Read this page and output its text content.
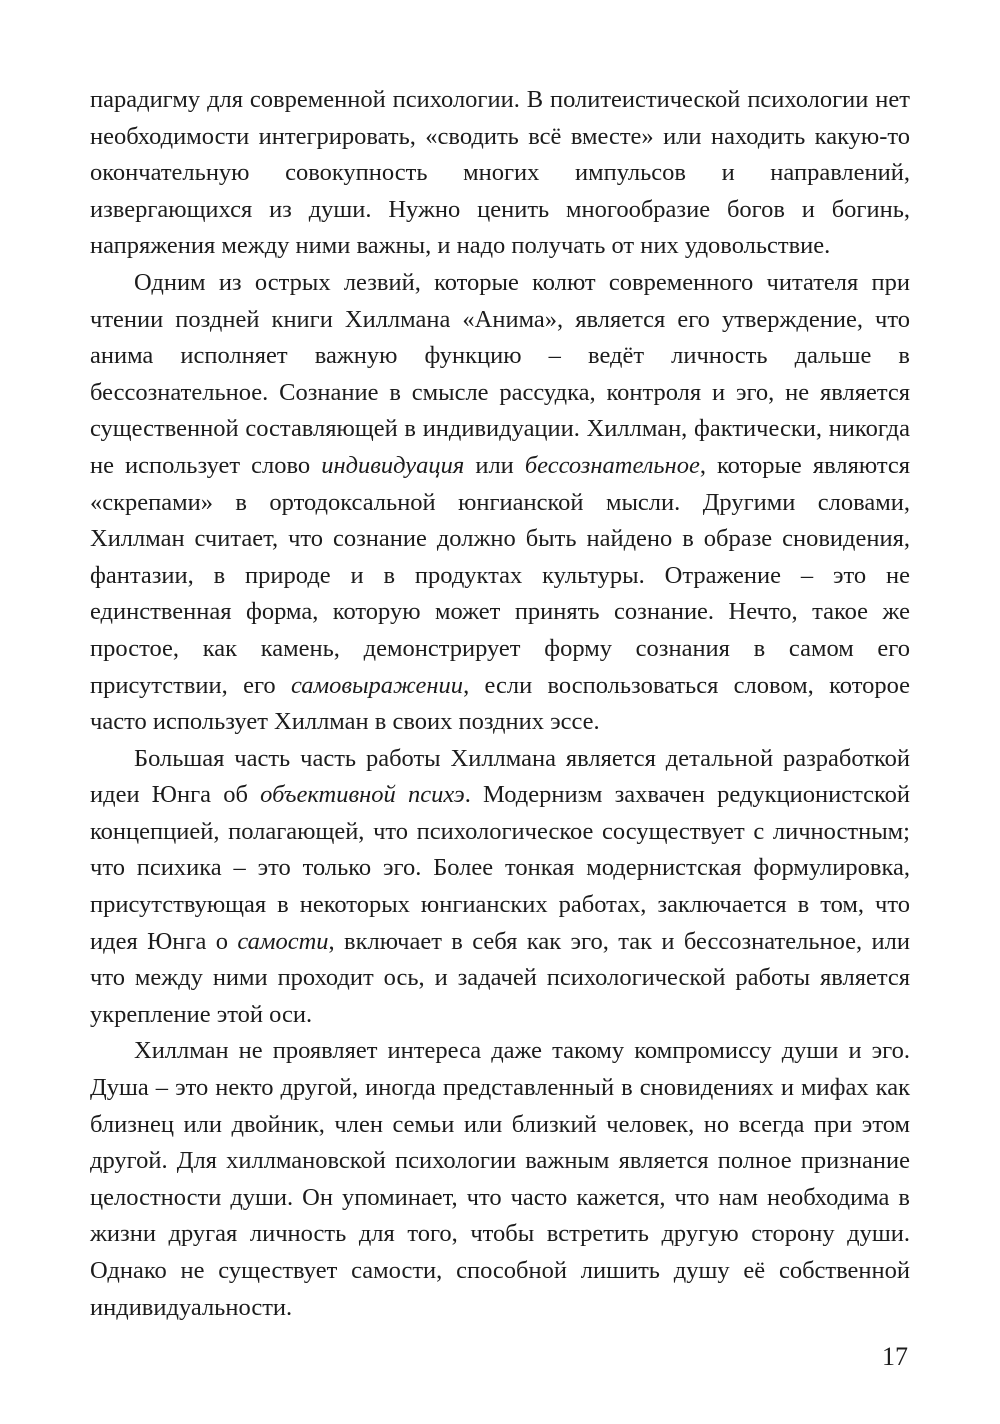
парадигму для современной психологии. В политеистической психологии нет необходимости интегрировать, «сводить всё вместе» или находить какую-то окончательную совокупность многих импульсов и направлений, извергающихся из души. Нужно ценить многообразие богов и богинь, напряжения между ними важны, и надо получать от них удовольствие.

Одним из острых лезвий, которые колют современного читателя при чтении поздней книги Хиллмана «Анима», является его утверждение, что анима исполняет важную функцию – ведёт личность дальше в бессознательное. Сознание в смысле рассудка, контроля и эго, не является существенной составляющей в индивидуации. Хиллман, фактически, никогда не использует слово индивидуация или бессознательное, которые являются «скрепами» в ортодоксальной юнгианской мысли. Другими словами, Хиллман считает, что сознание должно быть найдено в образе сновидения, фантазии, в природе и в продуктах культуры. Отражение – это не единственная форма, которую может принять сознание. Нечто, такое же простое, как камень, демонстрирует форму сознания в самом его присутствии, его самовыражении, если воспользоваться словом, которое часто использует Хиллман в своих поздних эссе.

Большая часть часть работы Хиллмана является детальной разработкой идеи Юнга об объективной психэ. Модернизм захвачен редукционистской концепцией, полагающей, что психологическое сосуществует с личностным; что психика – это только эго. Более тонкая модернистская формулировка, присутствующая в некоторых юнгианских работах, заключается в том, что идея Юнга о самости, включает в себя как эго, так и бессознательное, или что между ними проходит ось, и задачей психологической работы является укрепление этой оси.

Хиллман не проявляет интереса даже такому компромиссу души и эго. Душа – это некто другой, иногда представленный в сновидениях и мифах как близнец или двойник, член семьи или близкий человек, но всегда при этом другой. Для хиллмановской психологии важным является полное признание целостности души. Он упоминает, что часто кажется, что нам необходима в жизни другая личность для того, чтобы встретить другую сторону души. Однако не существует самости, способной лишить душу её собственной индивидуальности.

17
